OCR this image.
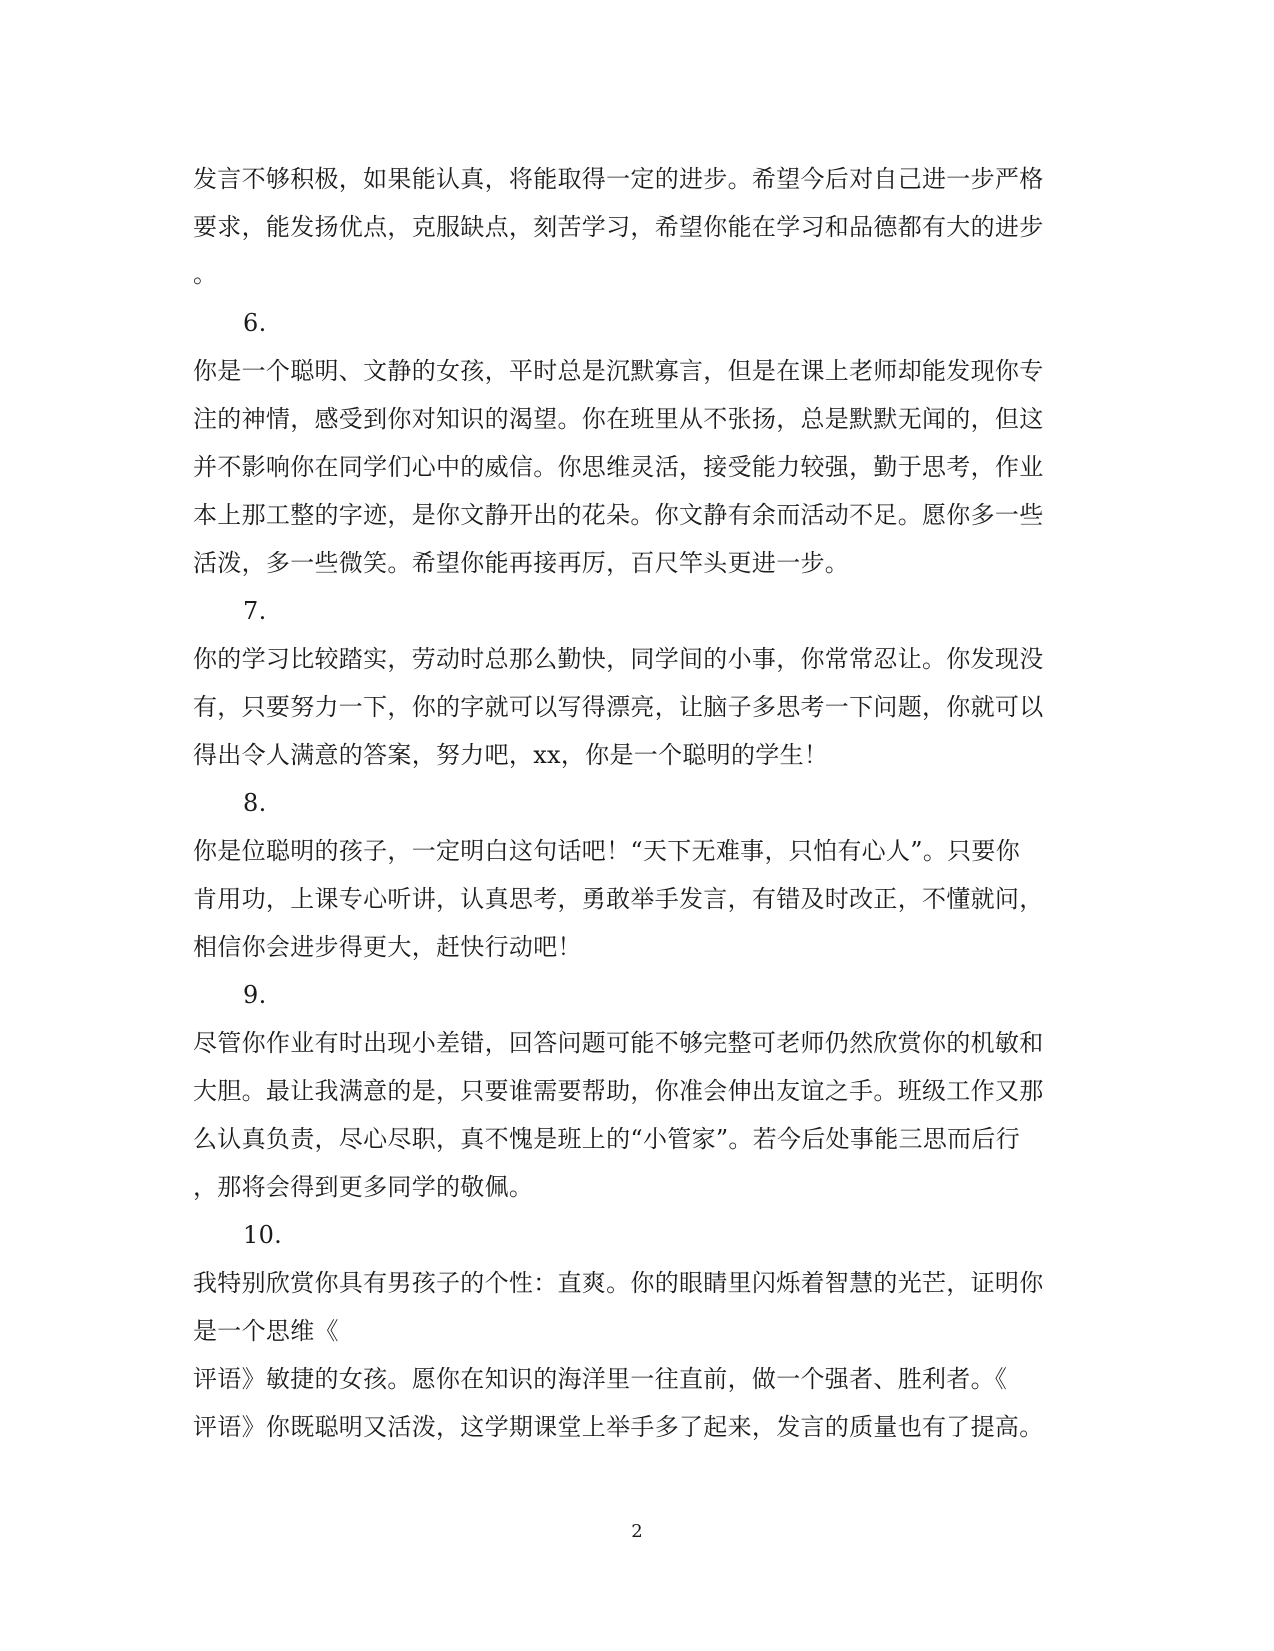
发言不够积极，如果能认真，将能取得一定的进步。希望今后对自己进一步严格
要求，能发扬优点，克服缺点，刻苦学习，希望你能在学习和品德都有大的进步
。
6.
你是一个聪明、文静的女孩，平时总是沉默寡言，但是在课上老师却能发现你专
注的神情，感受到你对知识的渴望。你在班里从不张扬，总是默默无闻的，但这
并不影响你在同学们心中的威信。你思维灵活，接受能力较强，勤于思考，作业
本上那工整的字迹，是你文静开出的花朵。你文静有余而活动不足。愿你多一些
活泼，多一些微笑。希望你能再接再厉，百尺竿头更进一步。
7.
你的学习比较踏实，劳动时总那么勤快，同学间的小事，你常常忍让。你发现没
有，只要努力一下，你的字就可以写得漂亮，让脑子多思考一下问题，你就可以
得出令人满意的答案，努力吧，xx，你是一个聪明的学生！
8.
你是位聪明的孩子，一定明白这句话吧！“天下无难事，只怕有心人”。只要你
肯用功，上课专心听讲，认真思考，勇敢举手发言，有错及时改正，不懂就问，
相信你会进步得更大，赶快行动吧！
9.
尽管你作业有时出现小差错，回答问题可能不够完整可老师仍然欣赏你的机敏和
大胆。最让我满意的是，只要谁需要帮助，你准会伸出友谊之手。班级工作又那
么认真负责，尽心尽职，真不愧是班上的“小管家”。若今后处事能三思而后行
，那将会得到更多同学的敬佩。
10.
我特别欣赏你具有男孩子的个性：直爽。你的眼睛里闪烁着智慧的光芒，证明你
是一个思维《
评语》敏捷的女孩。愿你在知识的海洋里一往直前，做一个强者、胜利者。《
评语》你既聪明又活泼，这学期课堂上举手多了起来，发言的质量也有了提高。
2
